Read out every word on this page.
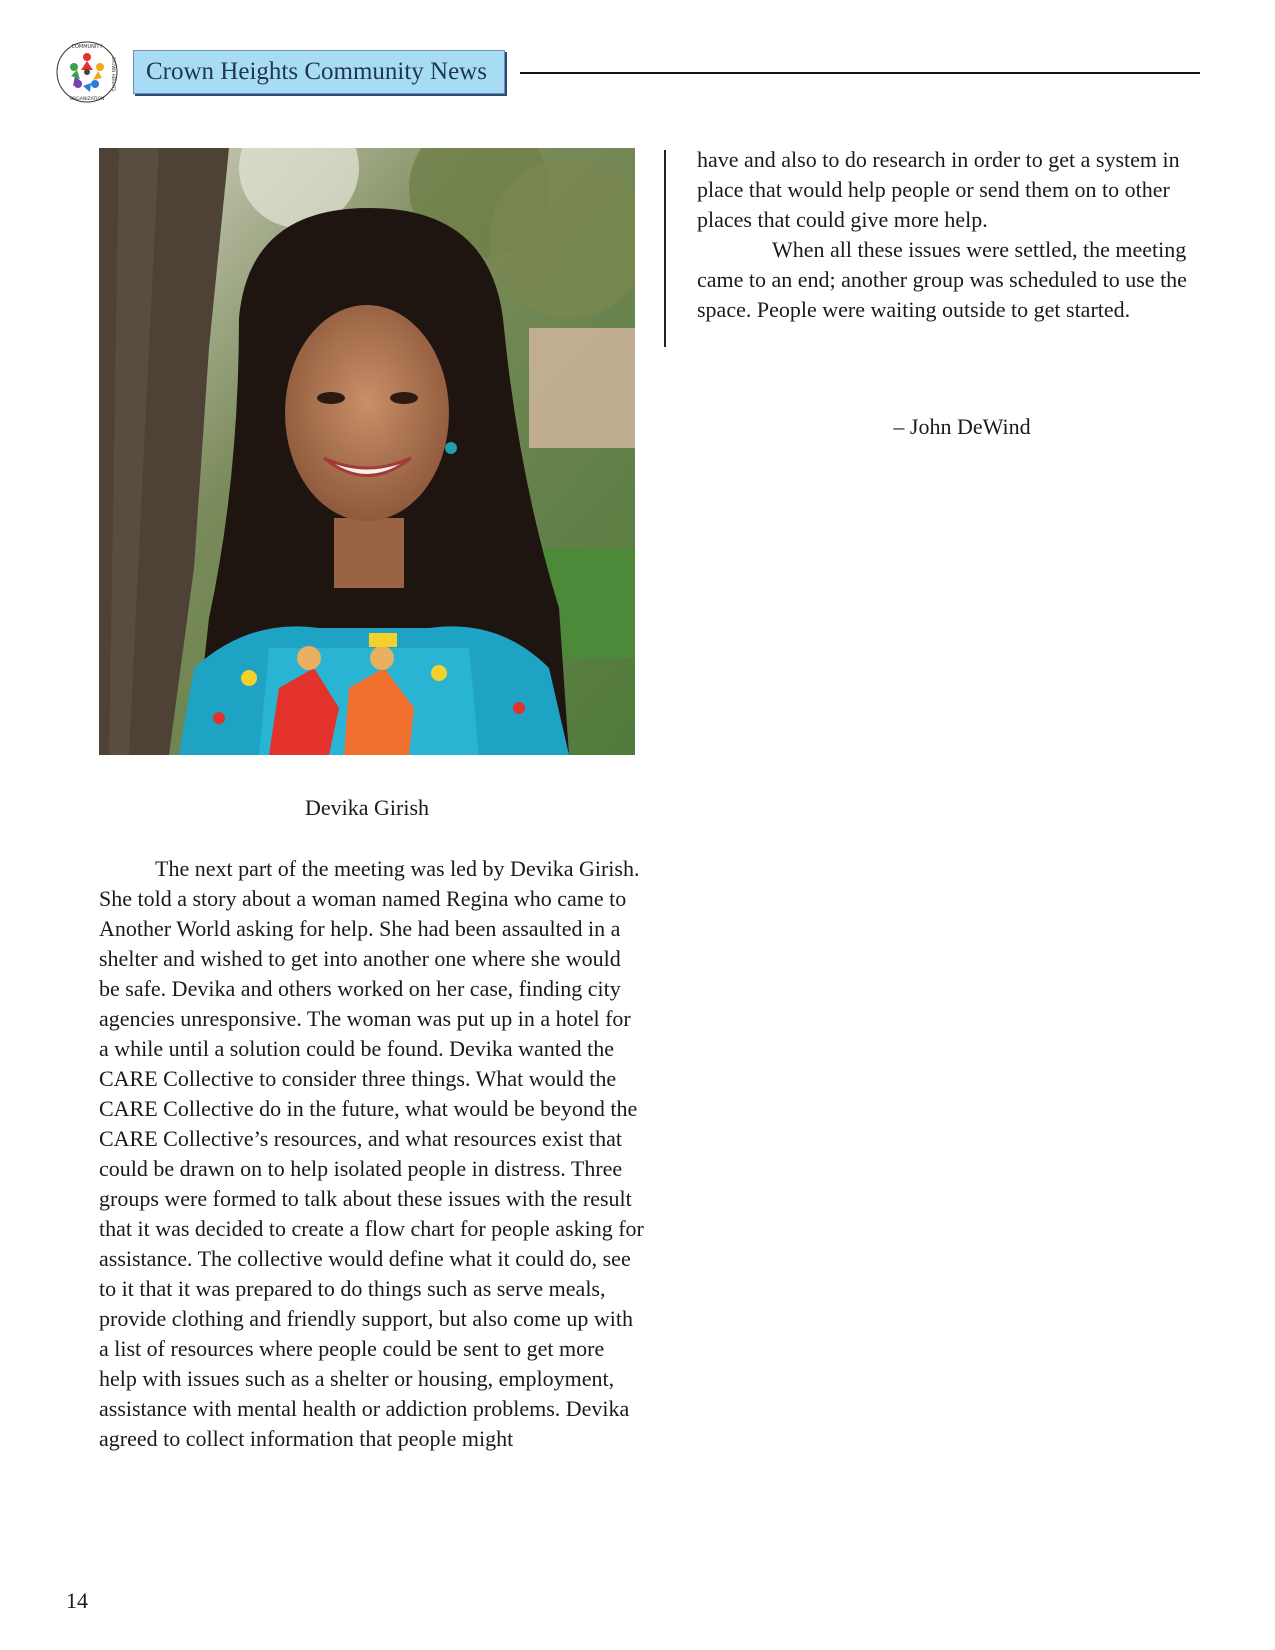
COMMUNITY
ORGANIZATION
CROWN HEIGHTS Crown Heights Community News
Devika Girish

The next part of the meeting was led by Devika Girish. She told a story about a woman named Regina who came to Another World asking for help. She had been assaulted in a shelter and wished to get into another one where she would be safe. Devika and others worked on her case, finding city agencies unresponsive. The woman was put up in a hotel for a while until a solution could be found. Devika wanted the CARE Collective to consider three things. What would the CARE Collective do in the future, what would be beyond the CARE Collective’s resources, and what resources exist that could be drawn on to help isolated people in distress. Three groups were formed to talk about these issues with the result that it was decided to create a flow chart for people asking for assistance. The collective would define what it could do, see to it that it was prepared to do things such as serve meals, provide clothing and friendly support, but also come up with a list of resources where people could be sent to get more help with issues such as a shelter or housing, employment, assistance with mental health or addiction problems. Devika agreed to collect information that people might

have and also to do research in order to get a system in place that would help people or send them on to other places that could give more help.

When all these issues were settled, the meeting came to an end; another group was scheduled to use the space. People were waiting outside to get started.

– John DeWind
14
